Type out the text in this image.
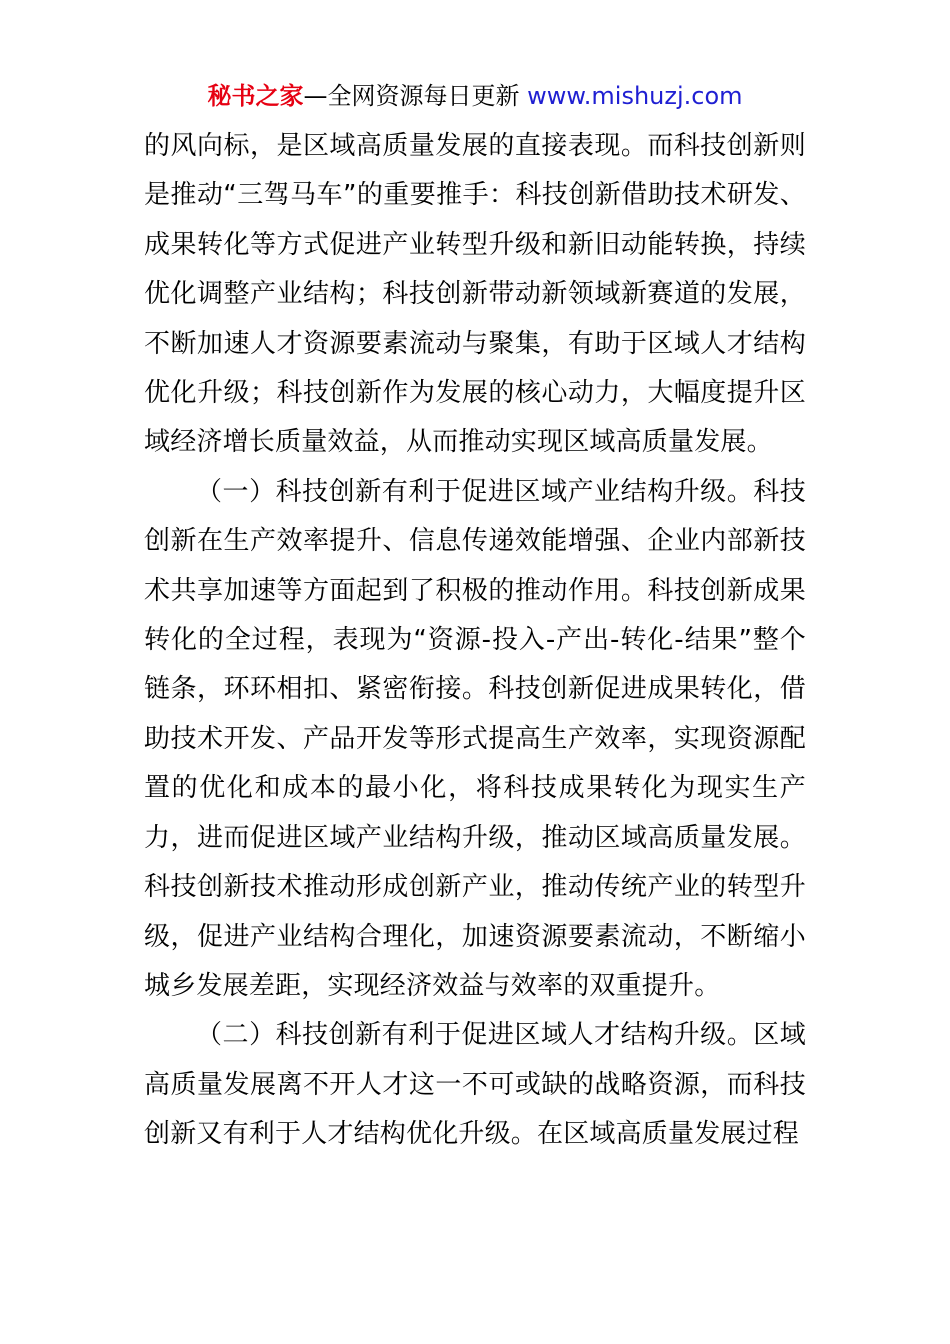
秘书之家—全网资源每日更新 www.mishuzj.com

的风向标，是区域高质量发展的直接表现。而科技创新则是推动“三驾马车”的重要推手：科技创新借助技术研发、成果转化等方式促进产业转型升级和新旧动能转换，持续优化调整产业结构；科技创新带动新领域新赛道的发展，不断加速人才资源要素流动与聚集，有助于区域人才结构优化升级；科技创新作为发展的核心动力，大幅度提升区域经济增长质量效益，从而推动实现区域高质量发展。

（一）科技创新有利于促进区域产业结构升级。科技创新在生产效率提升、信息传递效能增强、企业内部新技术共享加速等方面起到了积极的推动作用。科技创新成果转化的全过程，表现为“资源-投入-产出-转化-结果”整个链条，环环相扣、紧密衔接。科技创新促进成果转化，借助技术开发、产品开发等形式提高生产效率，实现资源配置的优化和成本的最小化，将科技成果转化为现实生产力，进而促进区域产业结构升级，推动区域高质量发展。科技创新技术推动形成创新产业，推动传统产业的转型升级，促进产业结构合理化，加速资源要素流动，不断缩小城乡发展差距，实现经济效益与效率的双重提升。

（二）科技创新有利于促进区域人才结构升级。区域高质量发展离不开人才这一不可或缺的战略资源，而科技创新又有利于人才结构优化升级。在区域高质量发展过程
